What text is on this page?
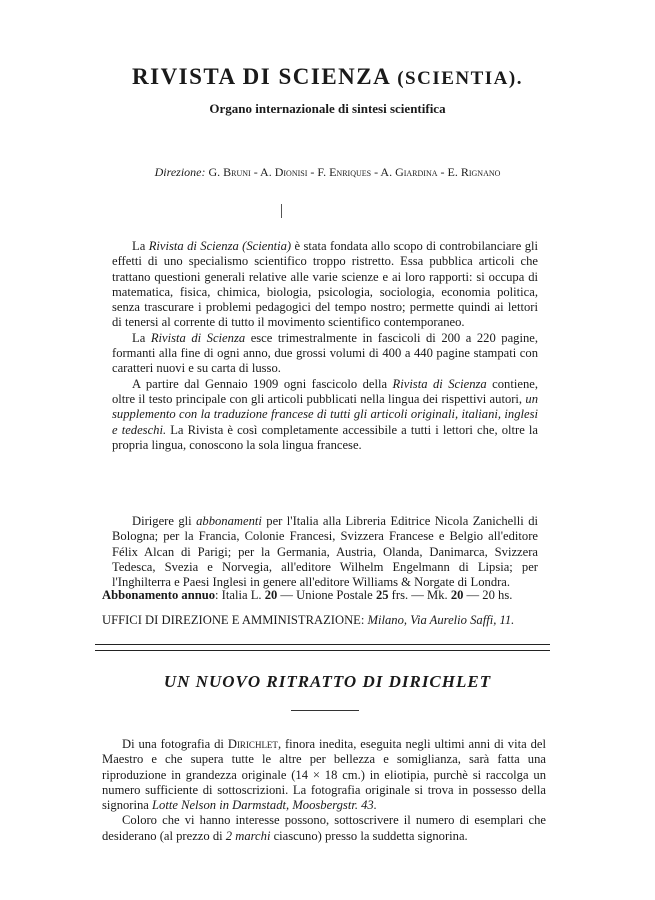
RIVISTA DI SCIENZA (SCIENTIA).
Organo internazionale di sintesi scientifica
Direzione: G. Bruni - A. Dionisi - F. Enriques - A. Giardina - E. Rignano

La Rivista di Scienza (Scientia) è stata fondata allo scopo di controbilanciare gli effetti di uno specialismo scientifico troppo ristretto. Essa pubblica articoli che trattano questioni generali relative alle varie scienze e ai loro rapporti: si occupa di matematica, fisica, chimica, biologia, psicologia, sociologia, economia politica, senza trascurare i problemi pedagogici del tempo nostro; permette quindi ai lettori di tenersi al corrente di tutto il movimento scientifico contemporaneo.

La Rivista di Scienza esce trimestralmente in fascicoli di 200 a 220 pagine, formanti alla fine di ogni anno, due grossi volumi di 400 a 440 pagine stampati con caratteri nuovi e su carta di lusso.

A partire dal Gennaio 1909 ogni fascicolo della Rivista di Scienza contiene, oltre il testo principale con gli articoli pubblicati nella lingua dei rispettivi autori, un supplemento con la traduzione francese di tutti gli articoli originali, italiani, inglesi e tedeschi. La Rivista è così completamente accessibile a tutti i lettori che, oltre la propria lingua, conoscono la sola lingua francese.

Dirigere gli abbonamenti per l'Italia alla Libreria Editrice Nicola Zanichelli di Bologna; per la Francia, Colonie Francesi, Svizzera Francese e Belgio all'editore Félix Alcan di Parigi; per la Germania, Austria, Olanda, Danimarca, Svizzera Tedesca, Svezia e Norvegia, all'editore Wilhelm Engelmann di Lipsia; per l'Inghilterra e Paesi Inglesi in genere all'editore Williams & Norgate di Londra.

Abbonamento annuo: Italia L. 20 — Unione Postale 25 frs. — Mk. 20 — 20 hs.
UFFICI DI DIREZIONE E AMMINISTRAZIONE: Milano, Via Aurelio Saffi, 11.
UN NUOVO RITRATTO DI DIRICHLET

Di una fotografia di Dirichlet, finora inedita, eseguita negli ultimi anni di vita del Maestro e che supera tutte le altre per bellezza e somiglianza, sarà fatta una riproduzione in grandezza originale (14 × 18 cm.) in eliotipia, purchè si raccolga un numero sufficiente di sottoscrizioni. La fotografia originale si trova in possesso della signorina Lotte Nelson in Darmstadt, Moosbergstr. 43.

Coloro che vi hanno interesse possono, sottoscrivere il numero di esemplari che desiderano (al prezzo di 2 marchi ciascuno) presso la suddetta signorina.
